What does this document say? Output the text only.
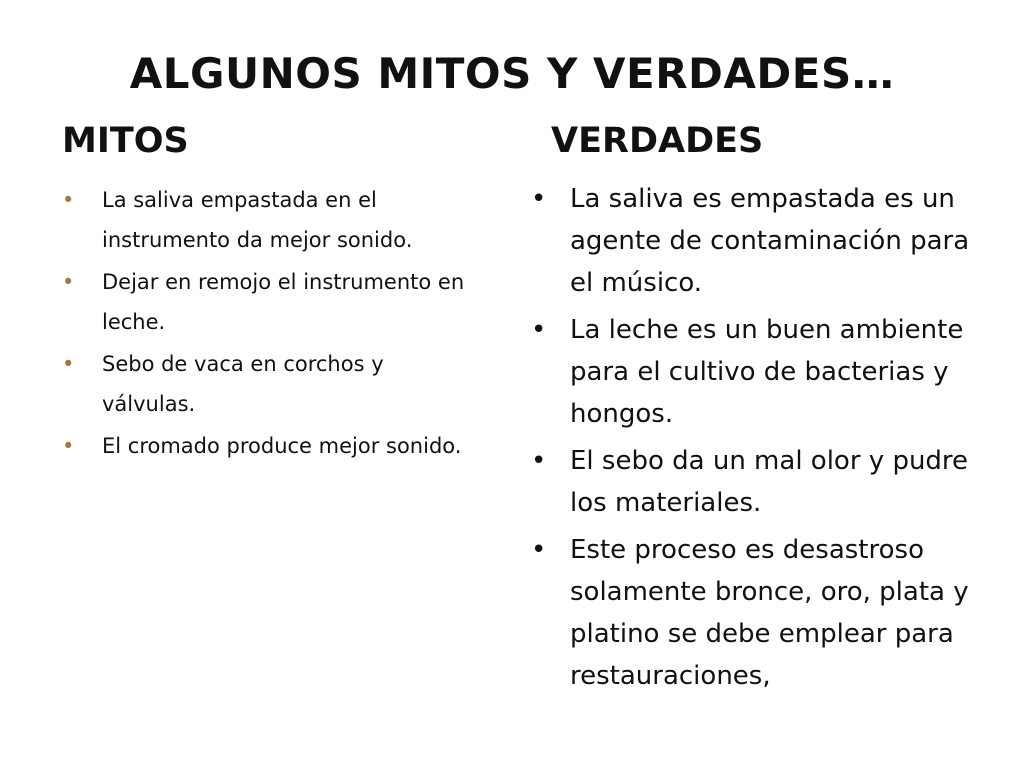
ALGUNOS MITOS Y VERDADES…
MITOS	VERDADES
• La saliva empastada en el instrumento da mejor sonido.
• Dejar en remojo el instrumento en leche.
• Sebo de vaca en corchos y válvulas.
• El cromado produce mejor sonido.
• La saliva es empastada es un agente de contaminación para el músico.
• La leche es un buen ambiente para el cultivo de bacterias y hongos.
• El sebo da un mal olor y pudre los materiales.
• Este proceso es desastroso solamente bronce, oro, plata y platino se debe emplear para restauraciones,
